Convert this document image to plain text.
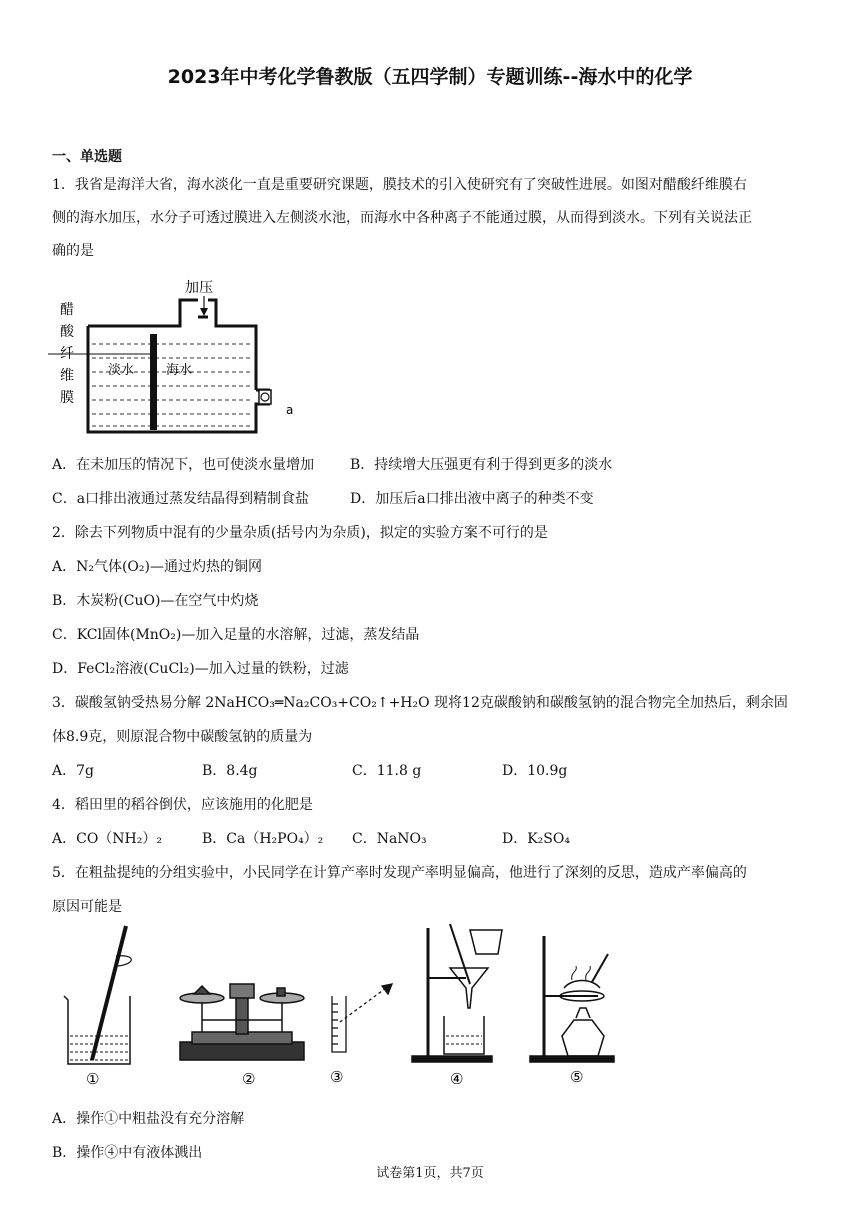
2023年中考化学鲁教版（五四学制）专题训练--海水中的化学
一、单选题
1．我省是海洋大省，海水淡化一直是重要研究课题，膜技术的引入使研究有了突破性进展。如图对醋酸纤维膜右
侧的海水加压，水分子可透过膜进入左侧淡水池，而海水中各种离子不能通过膜，从而得到淡水。下列有关说法正
确的是
醋
酸
纤
维
膜
加压
淡水 海水
a
A．在未加压的情况下，也可使淡水量增加	B．持续增大压强更有利于得到更多的淡水
C．a口排出液通过蒸发结晶得到精制食盐	D．加压后a口排出液中离子的种类不变
2．除去下列物质中混有的少量杂质(括号内为杂质)，拟定的实验方案不可行的是
A．N₂气体(O₂)—通过灼热的铜网
B．木炭粉(CuO)—在空气中灼烧
C．KCl固体(MnO₂)—加入足量的水溶解，过滤，蒸发结晶
D．FeCl₂溶液(CuCl₂)—加入过量的铁粉，过滤
3．碳酸氢钠受热易分解 2NaHCO₃═Na₂CO₃+CO₂↑+H₂O 现将12克碳酸钠和碳酸氢钠的混合物完全加热后，剩余固
体8.9克，则原混合物中碳酸氢钠的质量为
A．7g	B．8.4g	C．11.8 g	D．10.9g
4．稻田里的稻谷倒伏，应该施用的化肥是
A．CO（NH₂）₂	B．Ca（H₂PO₄）₂ C．NaNO₃	D．K₂SO₄
5．在粗盐提纯的分组实验中，小民同学在计算产率时发现产率明显偏高，他进行了深刻的反思，造成产率偏高的
原因可能是
①	②	③	④	⑤
A．操作①中粗盐没有充分溶解
B．操作④中有液体溅出
试卷第1页，共7页
